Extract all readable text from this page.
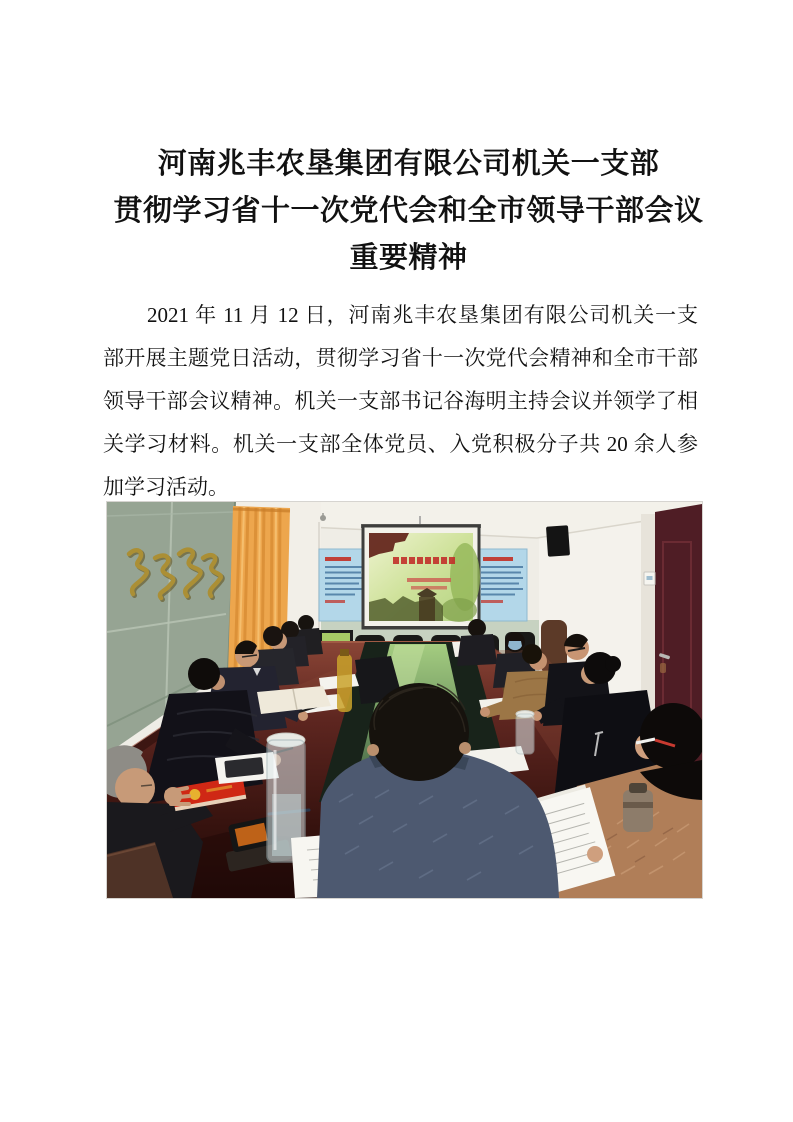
河南兆丰农垦集团有限公司机关一支部
贯彻学习省十一次党代会和全市领导干部会议
重要精神
2021 年 11 月 12 日，河南兆丰农垦集团有限公司机关一支
部开展主题党日活动，贯彻学习省十一次党代会精神和全市干部
领导干部会议精神。机关一支部书记谷海明主持会议并领学了相
关学习材料。机关一支部全体党员、入党积极分子共 20 余人参
加学习活动。
